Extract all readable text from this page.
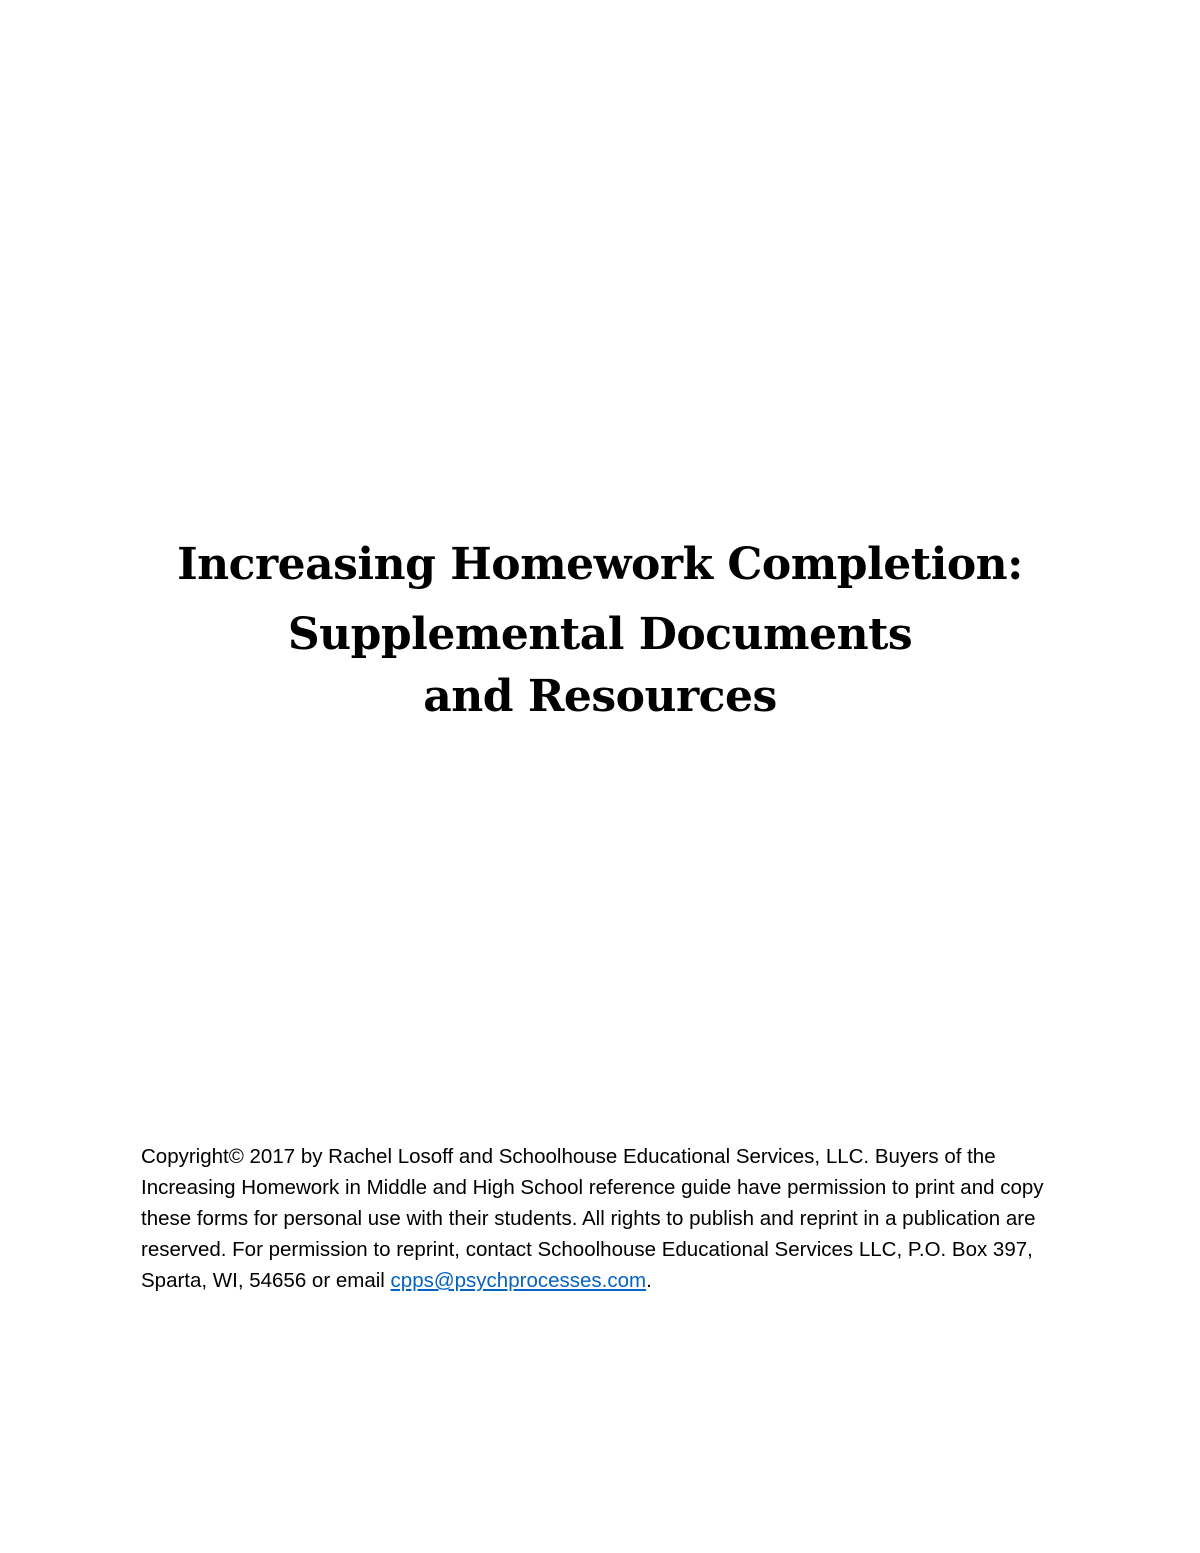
Increasing Homework Completion:
Supplemental Documents and Resources
Copyright© 2017 by Rachel Losoff and Schoolhouse Educational Services, LLC. Buyers of the Increasing Homework in Middle and High School reference guide have permission to print and copy these forms for personal use with their students. All rights to publish and reprint in a publication are reserved. For permission to reprint, contact Schoolhouse Educational Services LLC, P.O. Box 397, Sparta, WI, 54656 or email cpps@psychprocesses.com.
